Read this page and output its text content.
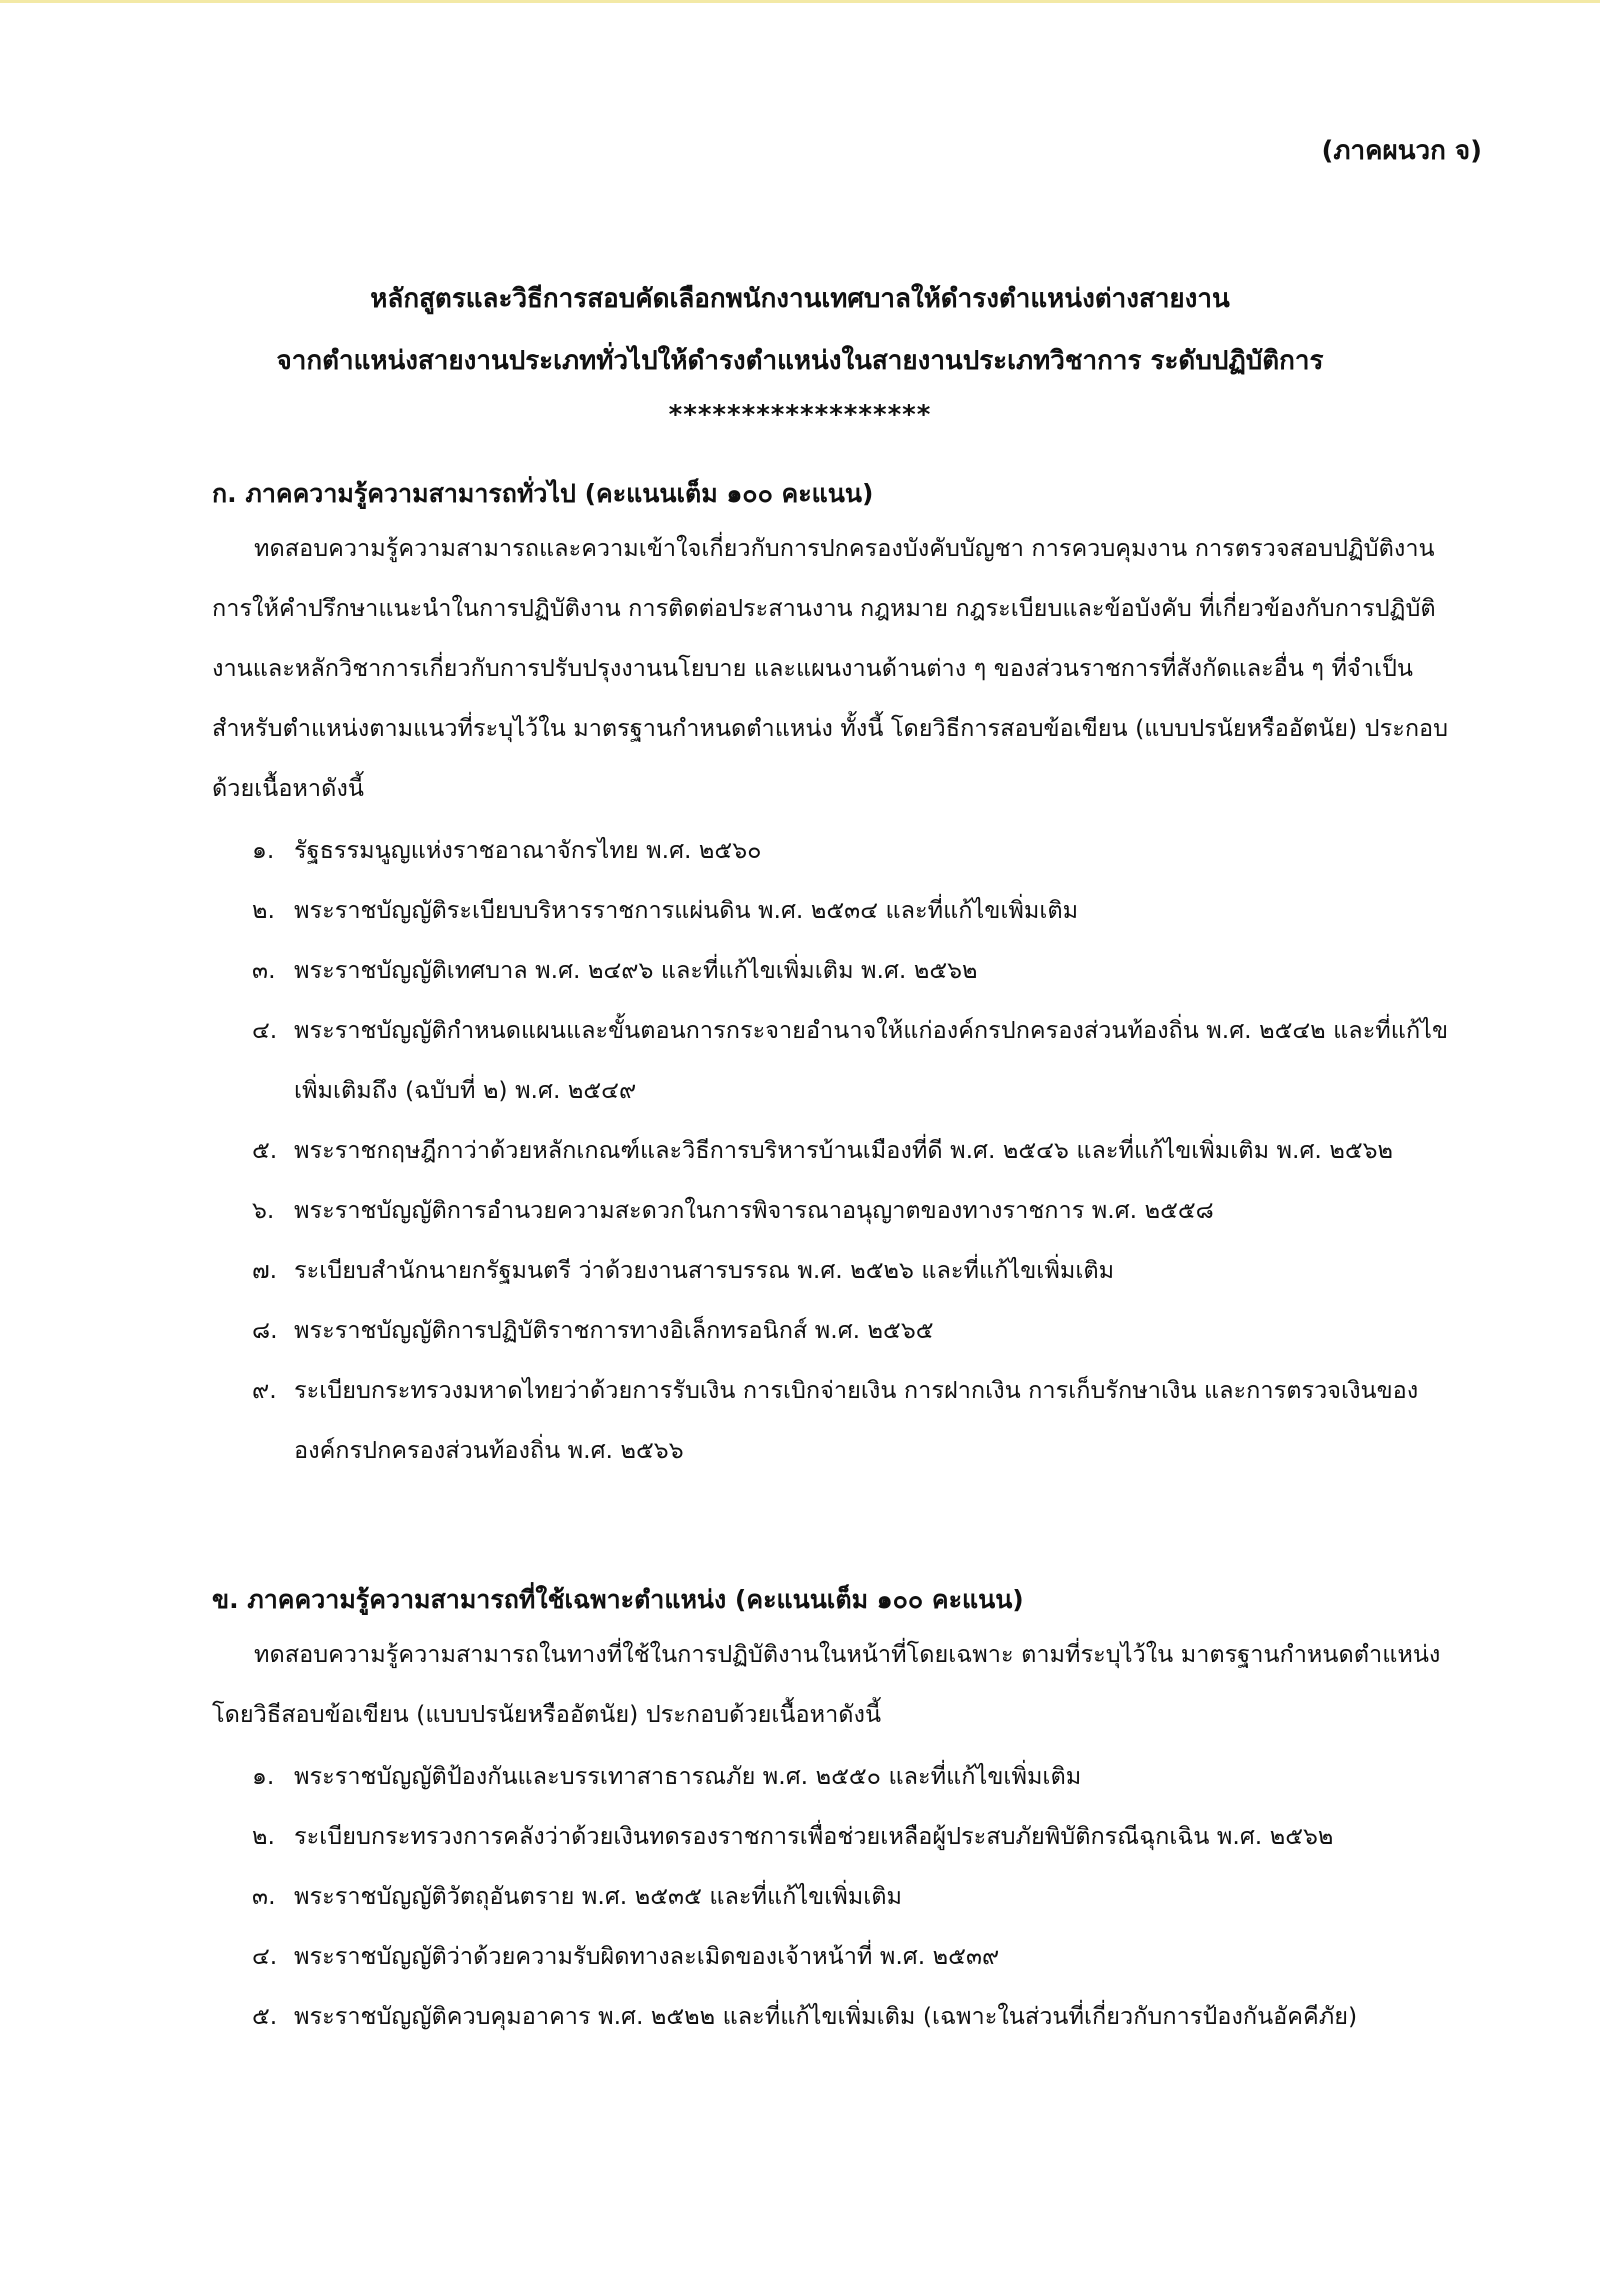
(ภาคผนวก จ)
หลักสูตรและวิธีการสอบคัดเลือกพนักงานเทศบาลให้ดำรงตำแหน่งต่างสายงาน
จากตำแหน่งสายงานประเภททั่วไปให้ดำรงตำแหน่งในสายงานประเภทวิชาการ ระดับปฏิบัติการ
******************
ก. ภาคความรู้ความสามารถทั่วไป (คะแนนเต็ม ๑๐๐ คะแนน)
ทดสอบความรู้ความสามารถและความเข้าใจเกี่ยวกับการปกครองบังคับบัญชา การควบคุมงาน การตรวจสอบปฏิบัติงาน การให้คำปรึกษาแนะนำในการปฏิบัติงาน การติดต่อประสานงาน กฎหมาย กฎระเบียบและข้อบังคับ ที่เกี่ยวข้องกับการปฏิบัติงานและหลักวิชาการเกี่ยวกับการปรับปรุงงานนโยบาย และแผนงานด้านต่าง ๆ ของส่วนราชการที่สังกัดและอื่น ๆ ที่จำเป็นสำหรับตำแหน่งตามแนวที่ระบุไว้ใน มาตรฐานกำหนดตำแหน่ง ทั้งนี้ โดยวิธีการสอบข้อเขียน (แบบปรนัยหรืออัตนัย) ประกอบด้วยเนื้อหาดังนี้
๑. รัฐธรรมนูญแห่งราชอาณาจักรไทย พ.ศ. ๒๕๖๐
๒. พระราชบัญญัติระเบียบบริหารราชการแผ่นดิน พ.ศ. ๒๕๓๔ และที่แก้ไขเพิ่มเติม
๓. พระราชบัญญัติเทศบาล พ.ศ. ๒๔๙๖ และที่แก้ไขเพิ่มเติม พ.ศ. ๒๕๖๒
๔. พระราชบัญญัติกำหนดแผนและขั้นตอนการกระจายอำนาจให้แก่องค์กรปกครองส่วนท้องถิ่น พ.ศ. ๒๕๔๒ และที่แก้ไขเพิ่มเติมถึง (ฉบับที่ ๒) พ.ศ. ๒๕๔๙
๕. พระราชกฤษฎีกาว่าด้วยหลักเกณฑ์และวิธีการบริหารบ้านเมืองที่ดี พ.ศ. ๒๕๔๖ และที่แก้ไขเพิ่มเติม พ.ศ. ๒๕๖๒
๖. พระราชบัญญัติการอำนวยความสะดวกในการพิจารณาอนุญาตของทางราชการ พ.ศ. ๒๕๕๘
๗. ระเบียบสำนักนายกรัฐมนตรี ว่าด้วยงานสารบรรณ พ.ศ. ๒๕๒๖ และที่แก้ไขเพิ่มเติม
๘. พระราชบัญญัติการปฏิบัติราชการทางอิเล็กทรอนิกส์ พ.ศ. ๒๕๖๕
๙. ระเบียบกระทรวงมหาดไทยว่าด้วยการรับเงิน การเบิกจ่ายเงิน การฝากเงิน การเก็บรักษาเงิน และการตรวจเงินขององค์กรปกครองส่วนท้องถิ่น พ.ศ. ๒๕๖๖
ข. ภาคความรู้ความสามารถที่ใช้เฉพาะตำแหน่ง (คะแนนเต็ม ๑๐๐ คะแนน)
ทดสอบความรู้ความสามารถในทางที่ใช้ในการปฏิบัติงานในหน้าที่โดยเฉพาะ ตามที่ระบุไว้ใน มาตรฐานกำหนดตำแหน่ง โดยวิธีสอบข้อเขียน (แบบปรนัยหรืออัตนัย) ประกอบด้วยเนื้อหาดังนี้
๑. พระราชบัญญัติป้องกันและบรรเทาสาธารณภัย พ.ศ. ๒๕๕๐ และที่แก้ไขเพิ่มเติม
๒. ระเบียบกระทรวงการคลังว่าด้วยเงินทดรองราชการเพื่อช่วยเหลือผู้ประสบภัยพิบัติกรณีฉุกเฉิน พ.ศ. ๒๕๖๒
๓. พระราชบัญญัติวัตถุอันตราย พ.ศ. ๒๕๓๕ และที่แก้ไขเพิ่มเติม
๔. พระราชบัญญัติว่าด้วยความรับผิดทางละเมิดของเจ้าหน้าที่ พ.ศ. ๒๕๓๙
๕. พระราชบัญญัติควบคุมอาคาร พ.ศ. ๒๕๒๒ และที่แก้ไขเพิ่มเติม (เฉพาะในส่วนที่เกี่ยวกับการป้องกันอัคคีภัย)
